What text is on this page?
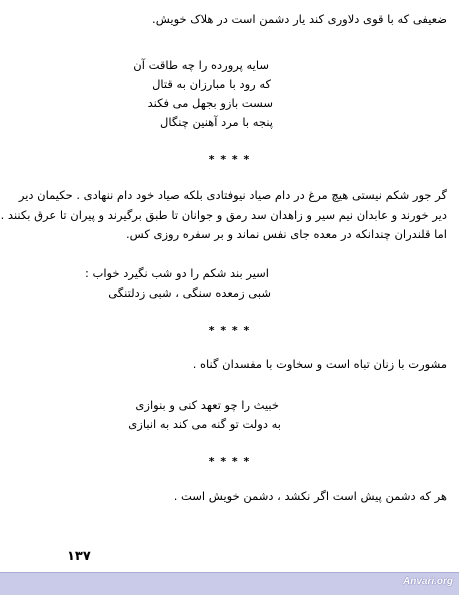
ضعیفی که با قوی دلاوری کند یار دشمن است در هلاک خویش.
سایه پرورده را چه طاقت آن
که رود با مبارزان به قتال
سست بازو بجهل می فکند
پنجه با مرد آهنین چنگال
* * * *
گر جور شکم نیستی هیچ مرغ در دام صیاد نیوفتادی بلکه صیاد خود دام ننهادی . حکیمان دیر
دیر خورند و عابدان نیم سیر و زاهدان سد رمق و جوانان تا طبق برگیرند و پیران تا عرق بکنند .
اما قلندران چندانکه در معده جای نفس نماند و بر سفره روزی کس.
اسیر بند شکم را دو شب نگیرد خواب :
شبی زمعده سنگی ، شبی زدلتنگی
* * * *
مشورت با زنان تباه است و سخاوت با مفسدان گناه .
خبیث را چو تعهد کنی و بنوازی
به دولت تو گنه می کند به انبازی
* * * *
هر که دشمن پیش است اگر نکشد ، دشمن خویش است .
۱۳۷
Anvari.org
